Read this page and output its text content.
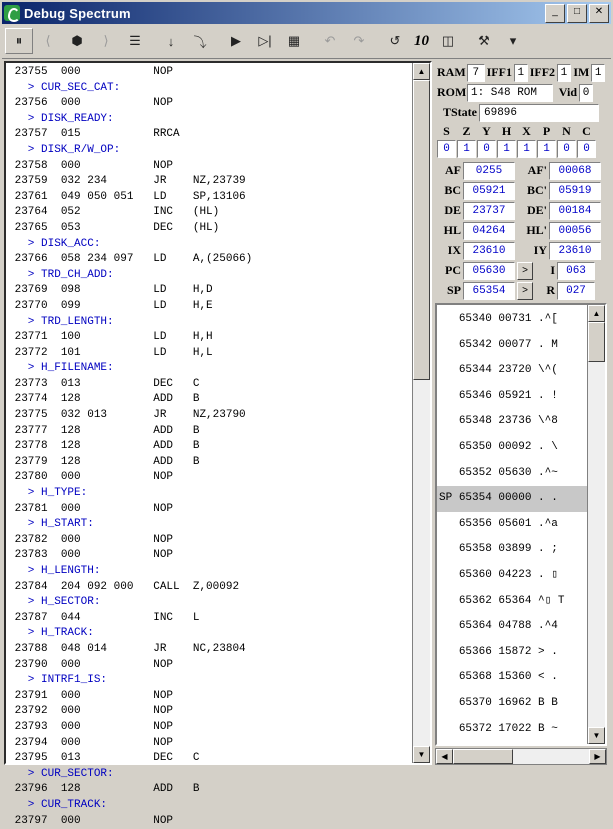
Debug Spectrum	_	□	✕
⏸ ⟨ ⬢ ⟩ ☰ ↓ ⤵ ▶ ▷| ▦ ↶ ↷ ↺ 10 ◫ ⚒ ▾
23755  000           NOP
> CUR_SEC_CAT:
23756  000           NOP
> DISK_READY:
23757  015           RRCA
> DISK_R/W_OP:
23758  000           NOP
23759  032 234       JR    NZ,23739
23761  049 050 051   LD    SP,13106
23764  052           INC   (HL)
23765  053           DEC   (HL)
> DISK_ACC:
23766  058 234 097   LD    A,(25066)
> TRD_CH_ADD:
23769  098           LD    H,D
23770  099           LD    H,E
> TRD_LENGTH:
23771  100           LD    H,H
23772  101           LD    H,L
> H_FILENAME:
23773  013           DEC   C
23774  128           ADD   B
23775  032 013       JR    NZ,23790
23777  128           ADD   B
23778  128           ADD   B
23779  128           ADD   B
23780  000           NOP
> H_TYPE:
23781  000           NOP
> H_START:
23782  000           NOP
23783  000           NOP
> H_LENGTH:
23784  204 092 000   CALL  Z,00092
> H_SECTOR:
23787  044           INC   L
> H_TRACK:
23788  048 014       JR    NC,23804
23790  000           NOP
> INTRF1_IS:
23791  000           NOP
23792  000           NOP
23793  000           NOP
23794  000           NOP
23795  013           DEC   C
> CUR_SECTOR:
23796  128           ADD   B
> CUR_TRACK:
23797  000           NOP
▲
▼
RAM 7 IFF1 1 IFF2 1 IM 1
ROM 1: S48 ROM	Vid 0
TState 69896
S	Z Y H X	P N C
0	1	0	1	1	1	0	0
AF	0255	AF'	00068
BC	05921	BC'	05919
DE	23737	DE'	00184
HL	04264	HL'	00056
IX	23610	IY	23610
PC	05630	>	I	063
SP	65354	>	R	027
65340 00731 .^[
65342 00077 . M
65344 23720 \^(
65346 05921 . !
65348 23736 \^8
65350 00092 . \
65352 05630 .^~
SP 65354 00000 . .
65356 05601 .^a
65358 03899 . ;
65360 04223 . ▯
65362 65364 ^▯ T
65364 04788 .^4
65366 15872 > .
65368 15360 < .
65370 16962 B B
65372 17022 B ~
▲
▼
◀	▶
